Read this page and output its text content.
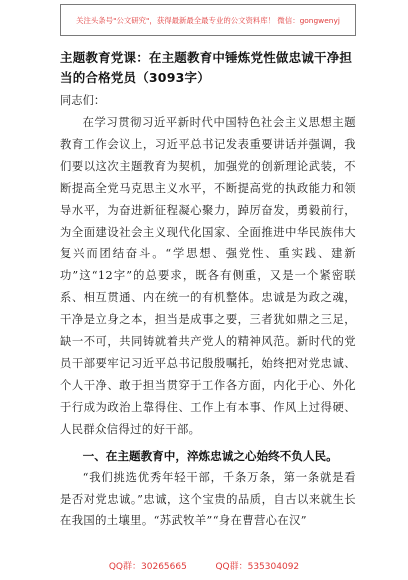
关注头条号"公文研究"，获得最新最全最专业的公文资料库！ 微信：gongwenyj

主题教育党课：在主题教育中锤炼党性做忠诚干净担当的合格党员（3093字）

同志们：

在学习贯彻习近平新时代中国特色社会主义思想主题教育工作会议上，习近平总书记发表重要讲话并强调，我们要以这次主题教育为契机，加强党的创新理论武装，不断提高全党马克思主义水平，不断提高党的执政能力和领导水平，为奋进新征程凝心聚力，踔厉奋发，勇毅前行，为全面建设社会主义现代化国家、全面推进中华民族伟大复兴而团结奋斗。“学思想、强党性、重实践、建新功”这“12字”的总要求，既各有侧重，又是一个紧密联系、相互贯通、内在统一的有机整体。忠诚是为政之魂，干净是立身之本，担当是成事之要，三者犹如鼎之三足，缺一不可，共同铸就着共产党人的精神风范。新时代的党员干部要牢记习近平总书记殷殷嘱托，始终把对党忠诚、个人干净、敢于担当贯穿于工作各方面，内化于心、外化于行成为政治上靠得住、工作上有本事、作风上过得硬、人民群众信得过的好干部。

一、在主题教育中，淬炼忠诚之心始终不负人民。

“我们挑选优秀年轻干部，千条万条，第一条就是看是否对党忠诚。”忠诚，这个宝贵的品质，自古以来就生长在我国的土壤里。“苏武牧羊”“身在曹营心在汉”

QQ群：30265665	QQ群：535304092
